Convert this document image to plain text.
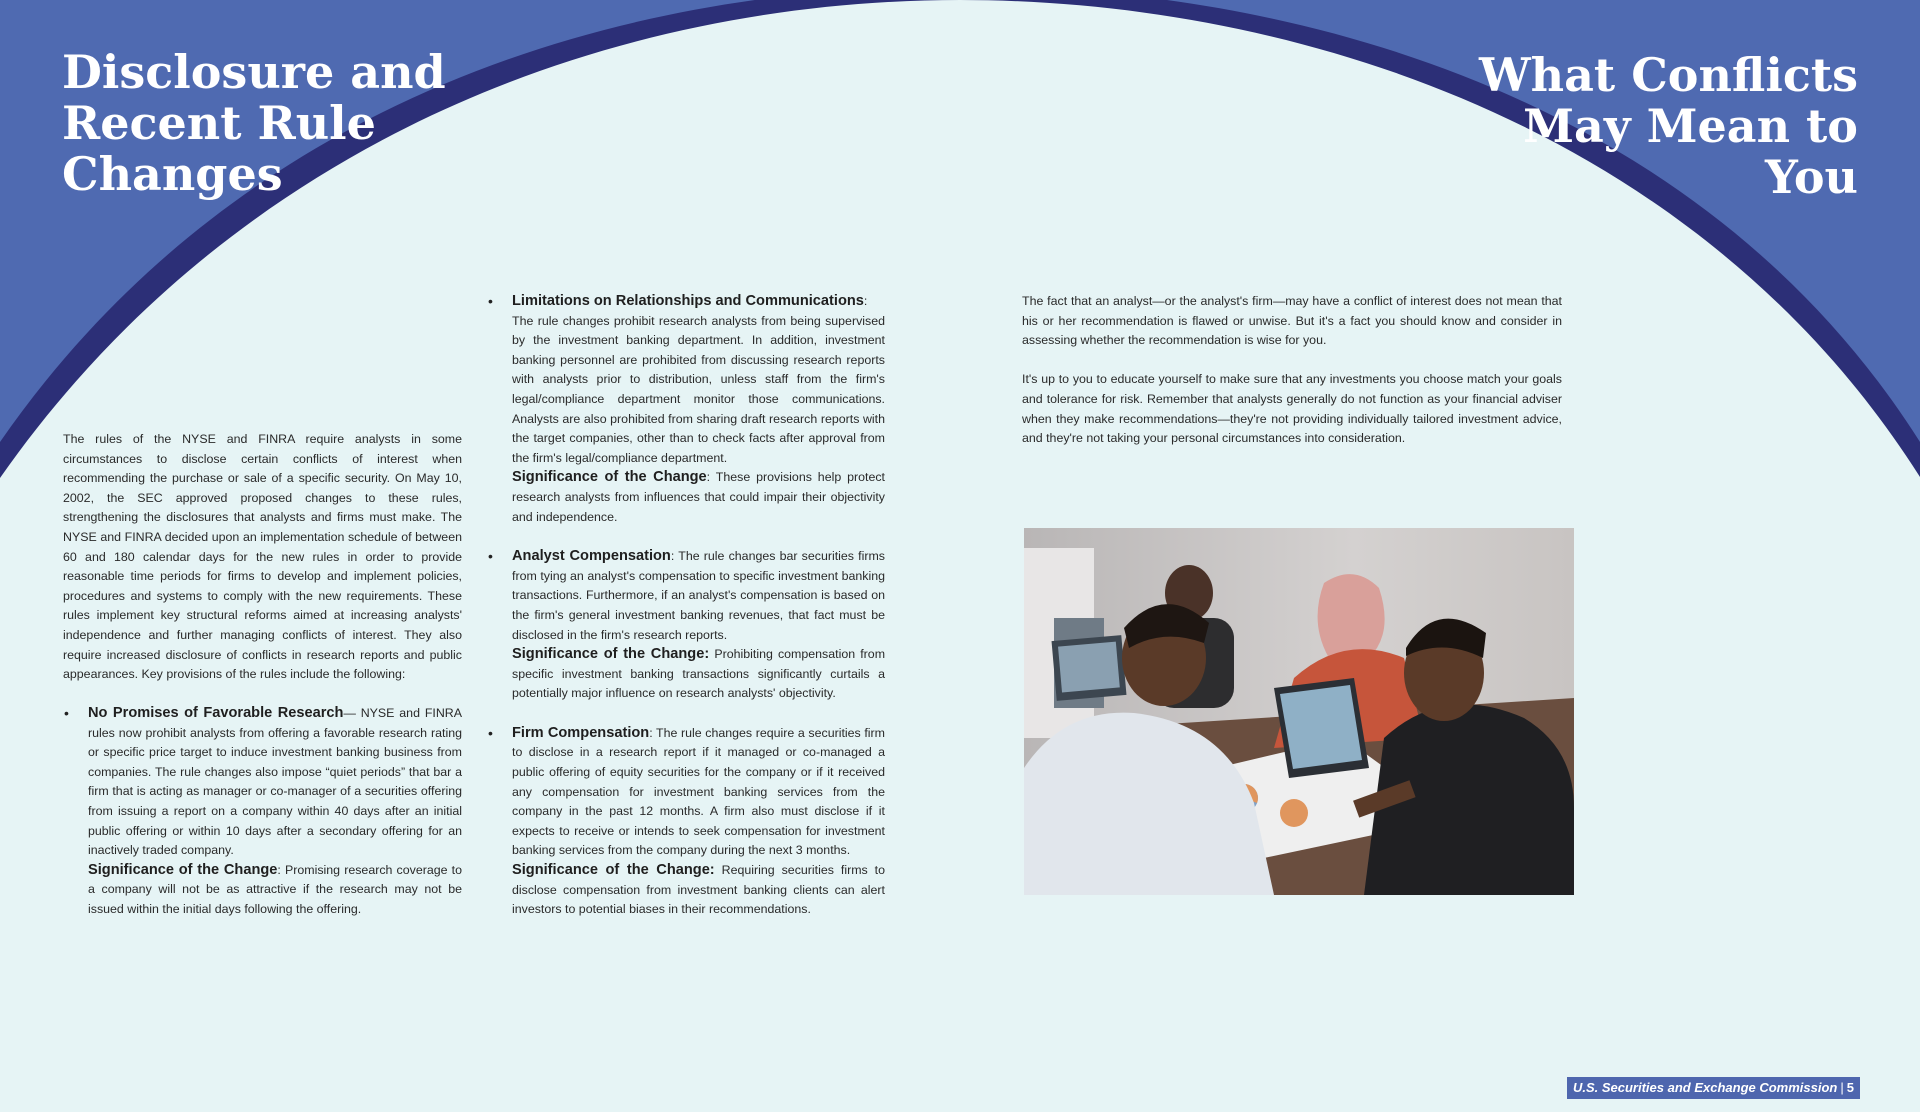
Disclosure and
Recent Rule
Changes
What Conflicts
May Mean to
You

The rules of the NYSE and FINRA require analysts in some circumstances to disclose certain conflicts of interest when recommending the purchase or sale of a specific security. On May 10, 2002, the SEC approved proposed changes to these rules, strengthening the disclosures that analysts and firms must make. The NYSE and FINRA decided upon an implementation schedule of between 60 and 180 calendar days for the new rules in order to provide reasonable time periods for firms to develop and implement policies, procedures and systems to comply with the new requirements. These rules implement key structural reforms aimed at increasing analysts' independence and further managing conflicts of interest. They also require increased disclosure of conflicts in research reports and public appearances. Key provisions of the rules include the following:

• No Promises of Favorable Research— NYSE and FINRA rules now prohibit analysts from offering a favorable research rating or specific price target to induce investment banking business from companies. The rule changes also impose “quiet periods” that bar a firm that is acting as manager or co-manager of a securities offering from issuing a report on a company within 40 days after an initial public offering or within 10 days after a secondary offering for an inactively traded company.
Significance of the Change: Promising research coverage to a company will not be as attractive if the research may not be issued within the initial days following the offering.
• Limitations on Relationships and Communications:
The rule changes prohibit research analysts from being supervised by the investment banking department. In addition, investment banking personnel are prohibited from discussing research reports with analysts prior to distribution, unless staff from the firm's legal/compliance department monitor those communications. Analysts are also prohibited from sharing draft research reports with the target companies, other than to check facts after approval from the firm's legal/compliance department.
Significance of the Change: These provisions help protect research analysts from influences that could impair their objectivity and independence.
• Analyst Compensation: The rule changes bar securities firms from tying an analyst's compensation to specific investment banking transactions. Furthermore, if an analyst's compensation is based on the firm's general investment banking revenues, that fact must be disclosed in the firm's research reports.
Significance of the Change: Prohibiting compensation from specific investment banking transactions significantly curtails a potentially major influence on research analysts' objectivity.
• Firm Compensation: The rule changes require a securities firm to disclose in a research report if it managed or co-managed a public offering of equity securities for the company or if it received any compensation for investment banking services from the company in the past 12 months. A firm also must disclose if it expects to receive or intends to seek compensation for investment banking services from the company during the next 3 months.
Significance of the Change: Requiring securities firms to disclose compensation from investment banking clients can alert investors to potential biases in their recommendations.

The fact that an analyst—or the analyst's firm—may have a conflict of interest does not mean that his or her recommendation is flawed or unwise. But it's a fact you should know and consider in assessing whether the recommendation is wise for you.

It's up to you to educate yourself to make sure that any investments you choose match your goals and tolerance for risk. Remember that analysts generally do not function as your financial adviser when they make recommendations—they're not providing individually tailored investment advice, and they're not taking your personal circumstances into consideration.

U.S. Securities and Exchange Commission | 5
